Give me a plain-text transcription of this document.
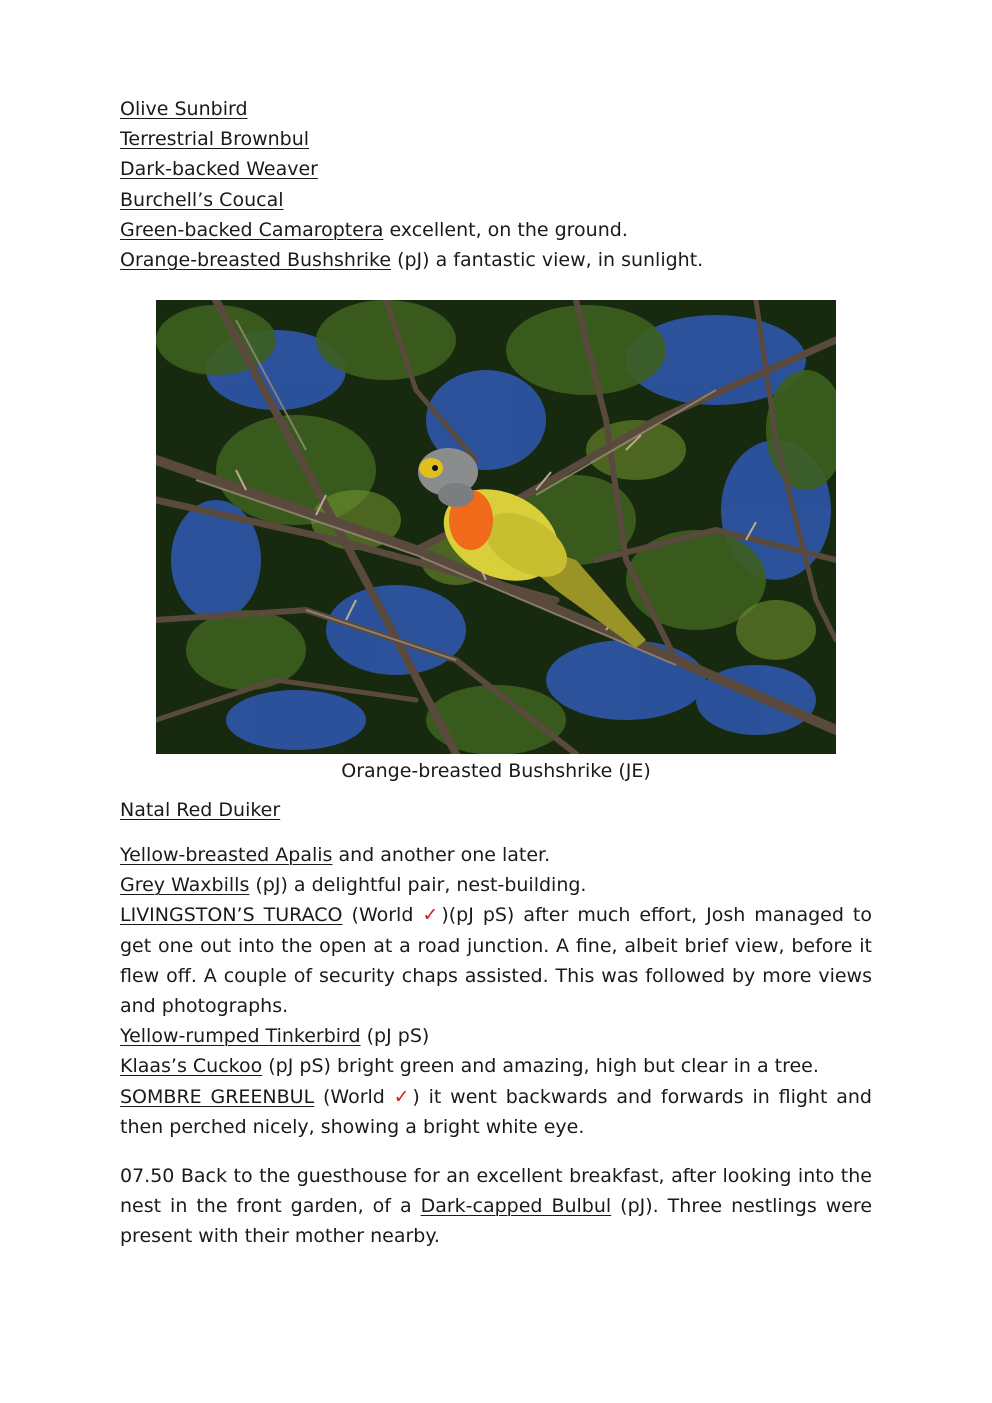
Olive Sunbird
Terrestrial Brownbul
Dark-backed Weaver
Burchell’s Coucal
Green-backed Camaroptera excellent, on the ground.
Orange-breasted Bushshrike (pJ) a fantastic view, in sunlight.
Orange-breasted Bushshrike (JE)
Natal Red Duiker
Yellow-breasted Apalis and another one later.
Grey Waxbills (pJ) a delightful pair, nest-building.
LIVINGSTON’S TURACO (World ✓)(pJ pS) after much effort, Josh managed to get one out into the open at a road junction. A fine, albeit brief view, before it flew off. A couple of security chaps assisted. This was followed by more views and photographs.
Yellow-rumped Tinkerbird (pJ pS)
Klaas’s Cuckoo (pJ pS) bright green and amazing, high but clear in a tree.
SOMBRE GREENBUL (World ✓) it went backwards and forwards in flight and then perched nicely, showing a bright white eye.
07.50 Back to the guesthouse for an excellent breakfast, after looking into the nest in the front garden, of a Dark-capped Bulbul (pJ). Three nestlings were present with their mother nearby.
